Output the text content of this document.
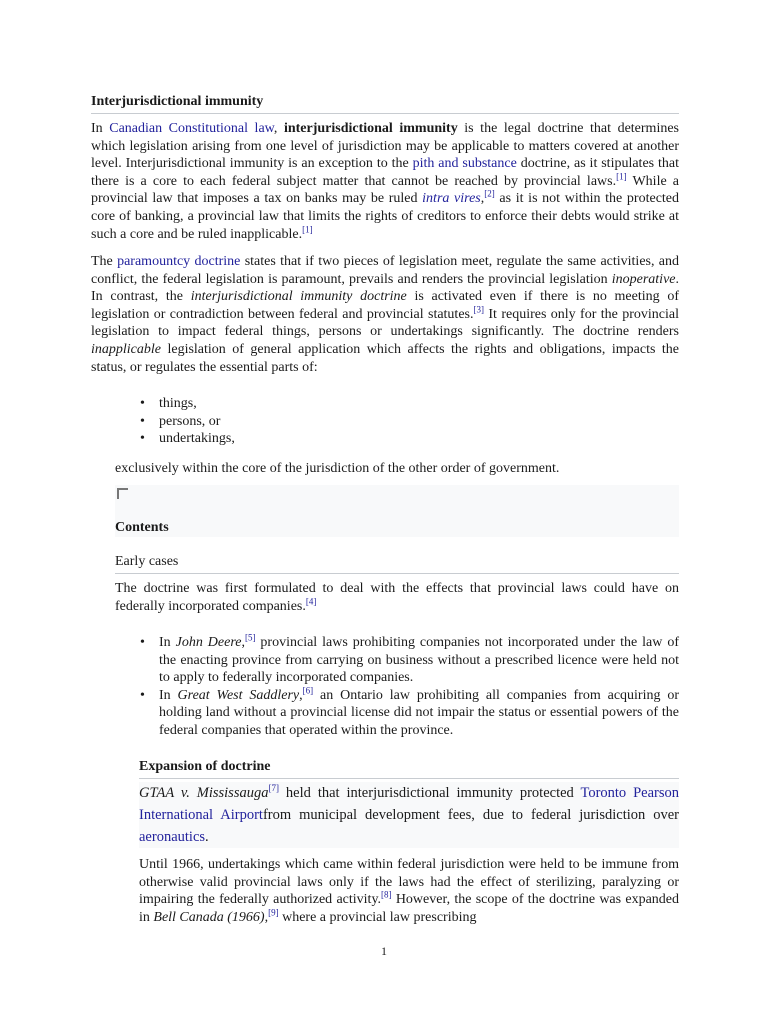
Interjurisdictional immunity

In Canadian Constitutional law, interjurisdictional immunity is the legal doctrine that determines which legislation arising from one level of jurisdiction may be applicable to matters covered at another level. Interjurisdictional immunity is an exception to the pith and substance doctrine, as it stipulates that there is a core to each federal subject matter that cannot be reached by provincial laws.[1] While a provincial law that imposes a tax on banks may be ruled intra vires,[2] as it is not within the protected core of banking, a provincial law that limits the rights of creditors to enforce their debts would strike at such a core and be ruled inapplicable.[1]

The paramountcy doctrine states that if two pieces of legislation meet, regulate the same activities, and conflict, the federal legislation is paramount, prevails and renders the provincial legislation inoperative. In contrast, the interjurisdictional immunity doctrine is activated even if there is no meeting of legislation or contradiction between federal and provincial statutes.[3] It requires only for the provincial legislation to impact federal things, persons or undertakings significantly. The doctrine renders inapplicable legislation of general application which affects the rights and obligations, impacts the status, or regulates the essential parts of:

• things,
• persons, or
• undertakings,

exclusively within the core of the jurisdiction of the other order of government.

Contents
Early cases

The doctrine was first formulated to deal with the effects that provincial laws could have on federally incorporated companies.[4]

• In John Deere,[5] provincial laws prohibiting companies not incorporated under the law of the enacting province from carrying on business without a prescribed licence were held not to apply to federally incorporated companies.
• In Great West Saddlery,[6] an Ontario law prohibiting all companies from acquiring or holding land without a provincial license did not impair the status or essential powers of the federal companies that operated within the province.
Expansion of doctrine

GTAA v. Mississauga[7] held that interjurisdictional immunity protected Toronto Pearson International Airportfrom municipal development fees, due to federal jurisdiction over aeronautics.

Until 1966, undertakings which came within federal jurisdiction were held to be immune from otherwise valid provincial laws only if the laws had the effect of sterilizing, paralyzing or impairing the federally authorized activity.[8] However, the scope of the doctrine was expanded in Bell Canada (1966),[9] where a provincial law prescribing

1
